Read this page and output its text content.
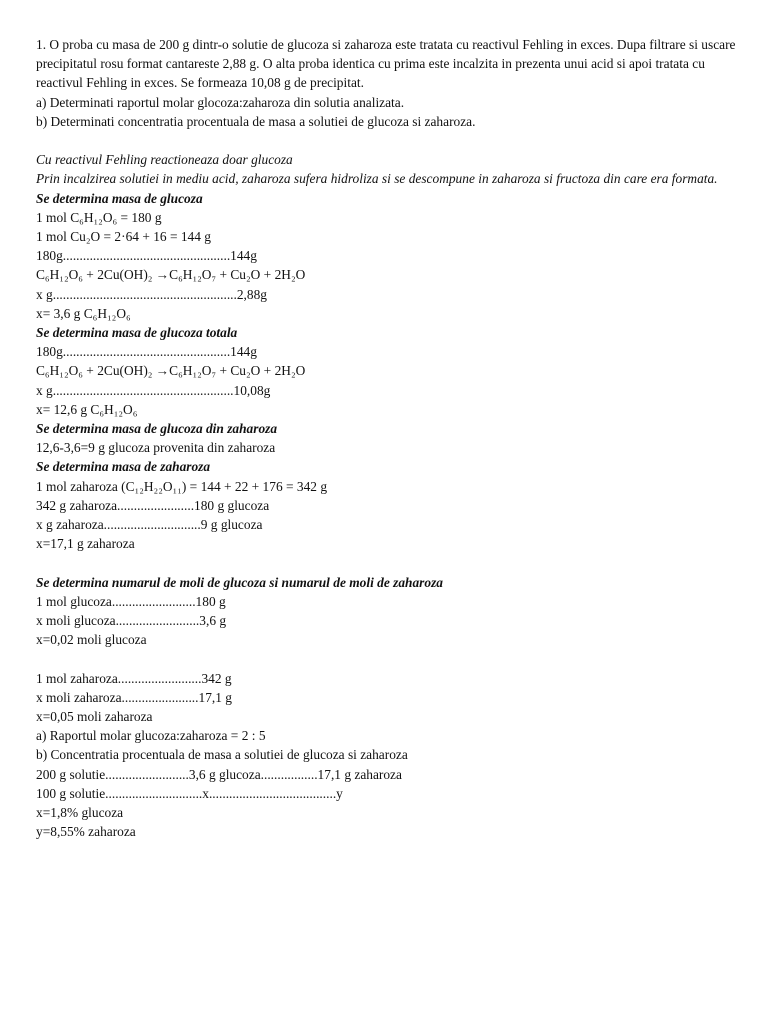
1. O proba cu masa de 200 g dintr-o solutie de glucoza si zaharoza este tratata cu reactivul Fehling in exces. Dupa filtrare si uscare precipitatul rosu format cantareste 2,88 g. O alta proba identica cu prima este incalzita in prezenta unui acid si apoi tratata cu reactivul Fehling in exces. Se formeaza 10,08 g de precipitat.
a) Determinati raportul molar glocoza:zaharoza din solutia analizata.
b) Determinati concentratia procentuala de masa a solutiei de glucoza si zaharoza.
Cu reactivul Fehling reactioneaza doar glucoza
Prin incalzirea solutiei in mediu acid, zaharoza sufera hidroliza si se descompune in zaharoza si fructoza din care era formata.
Se determina masa de glucoza
1 mol C₆H₁₂O₆ = 180 g
1 mol Cu₂O = 2·64 + 16 = 144 g
180g..................................................144g
C₆H₁₂O₆ + 2Cu(OH)₂ →C₆H₁₂O₇ + Cu₂O + 2H₂O
x g.......................................................2,88g
x= 3,6 g C₆H₁₂O₆
Se determina masa de glucoza totala
180g..................................................144g
C₆H₁₂O₆ + 2Cu(OH)₂ →C₆H₁₂O₇ + Cu₂O + 2H₂O
x g......................................................10,08g
x= 12,6 g C₆H₁₂O₆
Se determina masa de glucoza din zaharoza
12,6-3,6=9 g glucoza provenita din zaharoza
Se determina masa de zaharoza
1 mol zaharoza (C₁₂H₂₂O₁₁) = 144 + 22 + 176 = 342 g
342 g zaharoza.......................180 g glucoza
x g zaharoza.............................9 g glucoza
x=17,1 g zaharoza
Se determina numarul de moli de glucoza si numarul de moli de zaharoza
1 mol glucoza.........................180 g
x moli glucoza.........................3,6 g
x=0,02 moli glucoza
1 mol zaharoza.........................342 g
x moli zaharoza.......................17,1 g
x=0,05 moli zaharoza
a) Raportul molar glucoza:zaharoza = 2 : 5
b) Concentratia procentuala de masa a solutiei de glucoza si zaharoza
200 g solutie.........................3,6 g glucoza.................17,1 g zaharoza
100 g solutie.............................x......................................y
x=1,8% glucoza
y=8,55% zaharoza
